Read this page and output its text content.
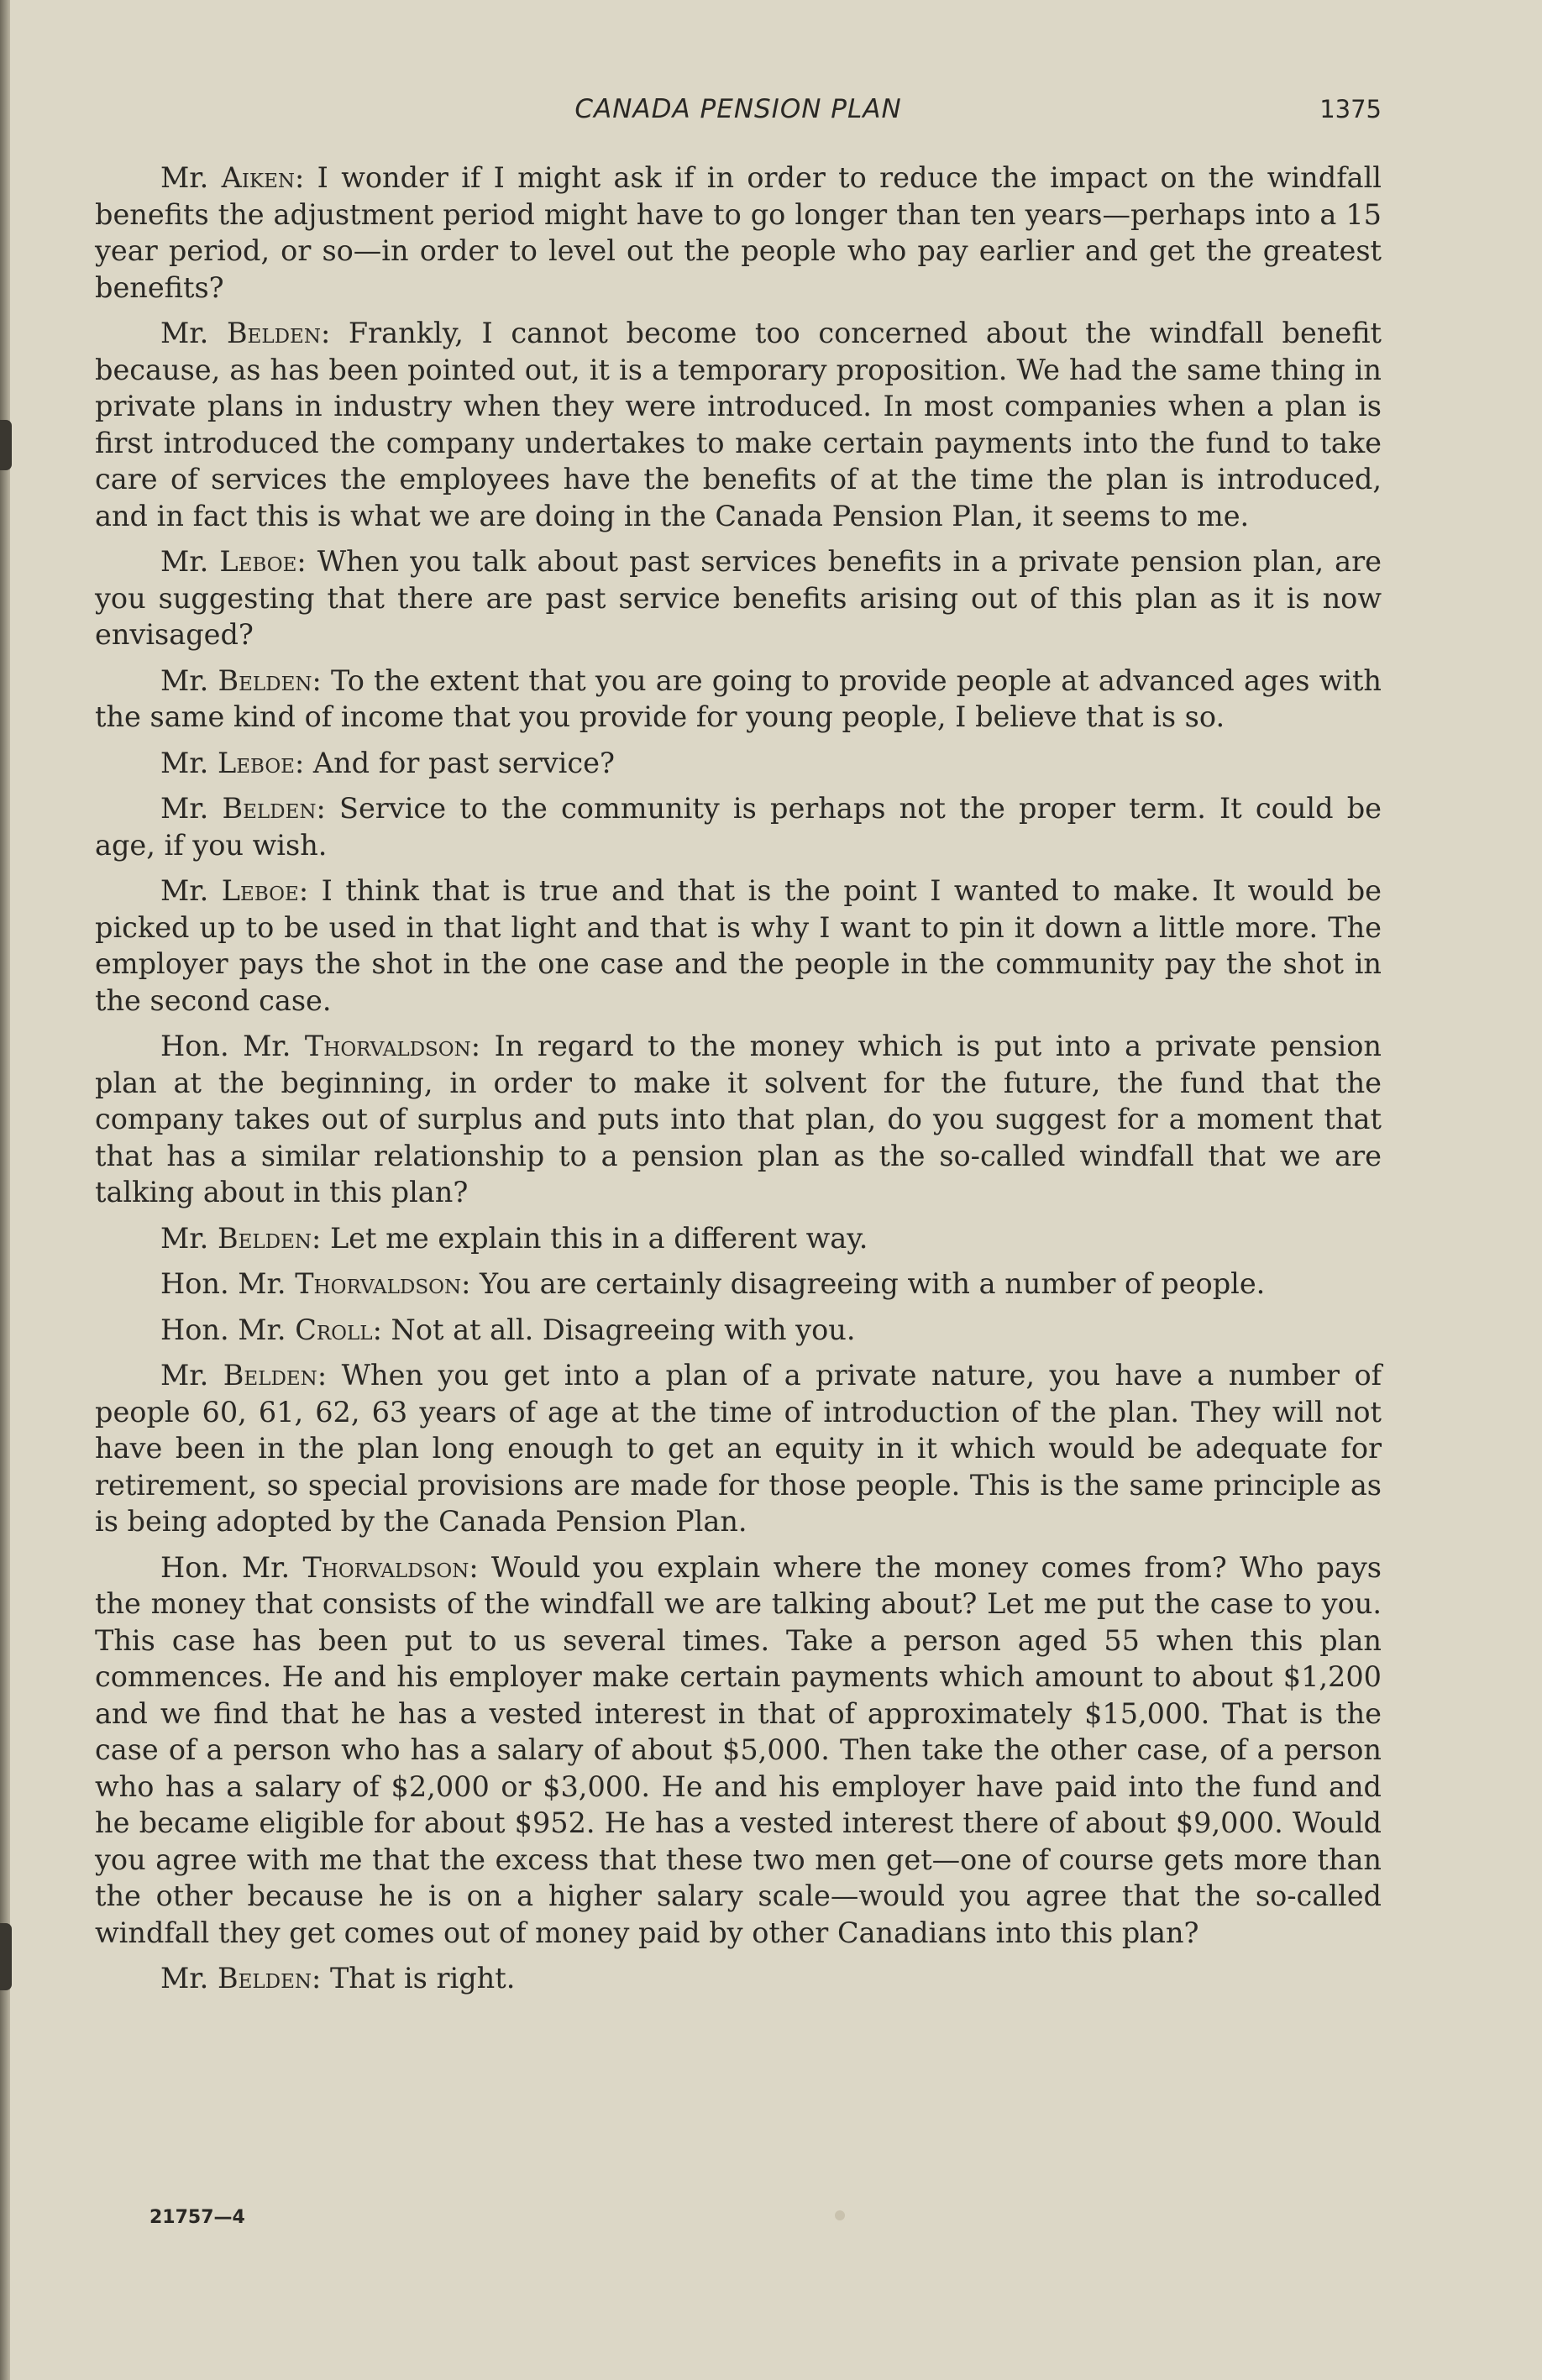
CANADA PENSION PLAN	1375

Mr. Aiken: I wonder if I might ask if in order to reduce the impact on the windfall benefits the adjustment period might have to go longer than ten years—perhaps into a 15 year period, or so—in order to level out the people who pay earlier and get the greatest benefits?

Mr. Belden: Frankly, I cannot become too concerned about the windfall benefit because, as has been pointed out, it is a temporary proposition. We had the same thing in private plans in industry when they were introduced. In most companies when a plan is first introduced the company undertakes to make certain payments into the fund to take care of services the employees have the benefits of at the time the plan is introduced, and in fact this is what we are doing in the Canada Pension Plan, it seems to me.

Mr. Leboe: When you talk about past services benefits in a private pension plan, are you suggesting that there are past service benefits arising out of this plan as it is now envisaged?

Mr. Belden: To the extent that you are going to provide people at advanced ages with the same kind of income that you provide for young people, I believe that is so.

Mr. Leboe: And for past service?

Mr. Belden: Service to the community is perhaps not the proper term. It could be age, if you wish.

Mr. Leboe: I think that is true and that is the point I wanted to make. It would be picked up to be used in that light and that is why I want to pin it down a little more. The employer pays the shot in the one case and the people in the community pay the shot in the second case.

Hon. Mr. Thorvaldson: In regard to the money which is put into a private pension plan at the beginning, in order to make it solvent for the future, the fund that the company takes out of surplus and puts into that plan, do you suggest for a moment that that has a similar relationship to a pension plan as the so-called windfall that we are talking about in this plan?

Mr. Belden: Let me explain this in a different way.

Hon. Mr. Thorvaldson: You are certainly disagreeing with a number of people.

Hon. Mr. Croll: Not at all. Disagreeing with you.

Mr. Belden: When you get into a plan of a private nature, you have a number of people 60, 61, 62, 63 years of age at the time of introduction of the plan. They will not have been in the plan long enough to get an equity in it which would be adequate for retirement, so special provisions are made for those people. This is the same principle as is being adopted by the Canada Pension Plan.

Hon. Mr. Thorvaldson: Would you explain where the money comes from? Who pays the money that consists of the windfall we are talking about? Let me put the case to you. This case has been put to us several times. Take a person aged 55 when this plan commences. He and his employer make certain payments which amount to about $1,200 and we find that he has a vested interest in that of approximately $15,000. That is the case of a person who has a salary of about $5,000. Then take the other case, of a person who has a salary of $2,000 or $3,000. He and his employer have paid into the fund and he became eligible for about $952. He has a vested interest there of about $9,000. Would you agree with me that the excess that these two men get—one of course gets more than the other because he is on a higher salary scale—would you agree that the so-called windfall they get comes out of money paid by other Canadians into this plan?

Mr. Belden: That is right.

21757—4
